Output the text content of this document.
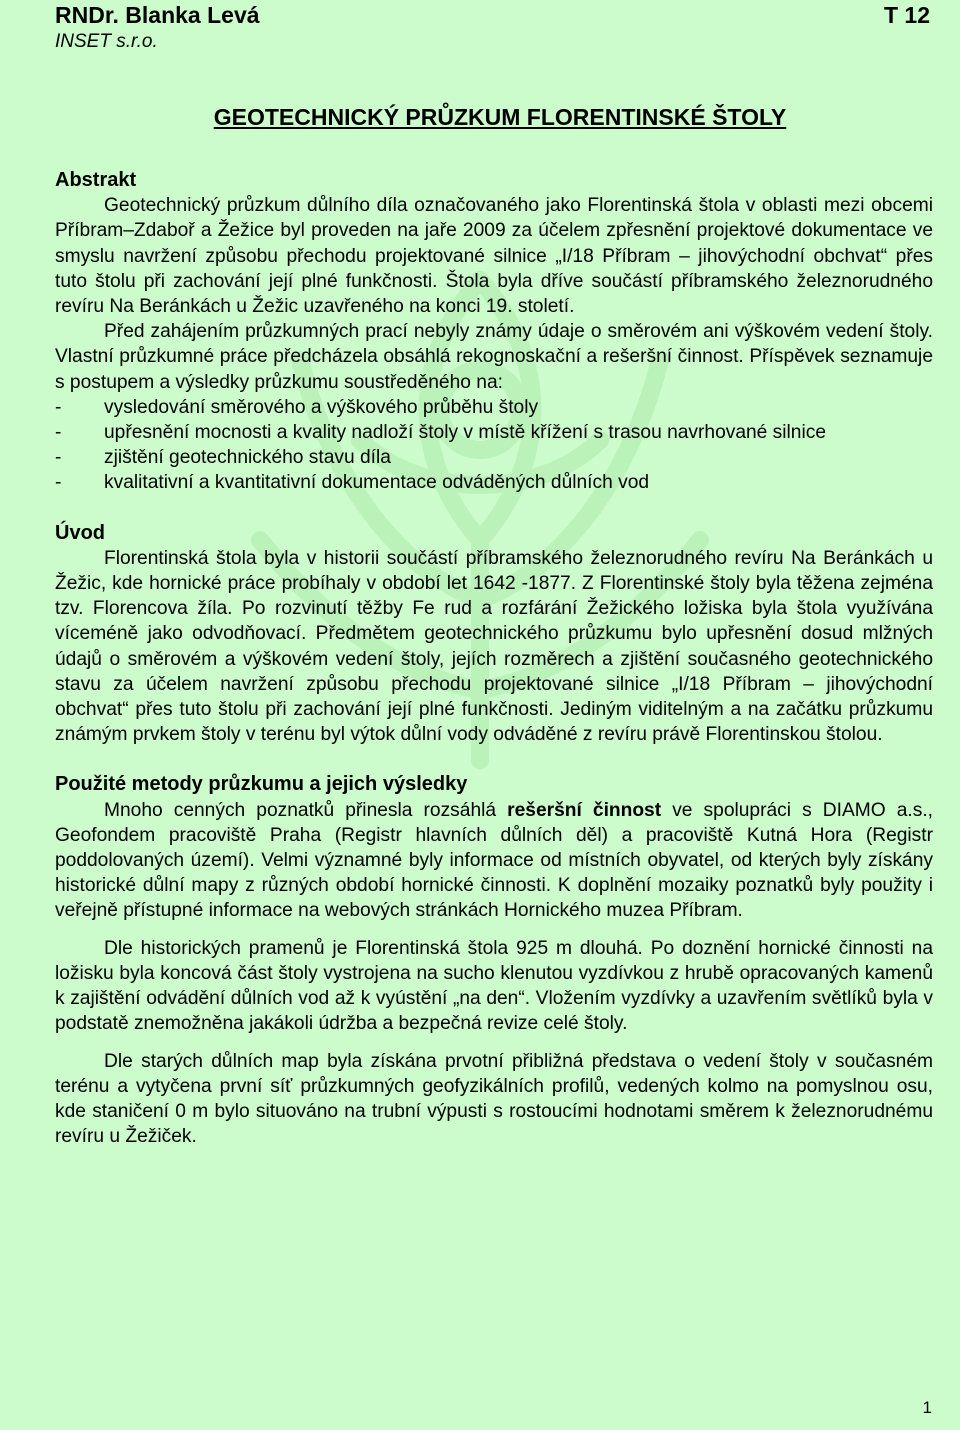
RNDr. Blanka Levá
INSET s.r.o.
T 12
GEOTECHNICKÝ PRŮZKUM FLORENTINSKÉ ŠTOLY
Abstrakt

Geotechnický průzkum důlního díla označovaného jako Florentinská štola v oblasti mezi obcemi Příbram–Zdaboř a Žežice byl proveden na jaře 2009 za účelem zpřesnění projektové dokumentace ve smyslu navržení způsobu přechodu projektované silnice „I/18 Příbram – jihovýchodní obchvat“ přes tuto štolu při zachování její plné funkčnosti. Štola byla dříve součástí příbramského železnorudného revíru Na Beránkách u Žežic uzavřeného na konci 19. století.

Před zahájením průzkumných prací nebyly známy údaje o směrovém ani výškovém vedení štoly. Vlastní průzkumné práce předcházela obsáhlá rekognoskační a rešeršní činnost. Příspěvek seznamuje s postupem a výsledky průzkumu soustředěného na:

-	vysledování směrového a výškového průběhu štoly
-	upřesnění mocnosti a kvality nadloží štoly v místě křížení s trasou navrhované silnice
-	zjištění geotechnického stavu díla
-	kvalitativní a kvantitativní dokumentace odváděných důlních vod
Úvod

Florentinská štola byla v historii součástí příbramského železnorudného revíru Na Beránkách u Žežic, kde hornické práce probíhaly v období let 1642 -1877. Z Florentinské štoly byla těžena zejména tzv. Florencova žíla. Po rozvinutí těžby Fe rud a rozfárání Žežického ložiska byla štola využívána víceméně jako odvodňovací. Předmětem geotechnického průzkumu bylo upřesnění dosud mlžných údajů o směrovém a výškovém vedení štoly, jejích rozměrech a zjištění současného geotechnického stavu za účelem navržení způsobu přechodu projektované silnice „I/18 Příbram – jihovýchodní obchvat“ přes tuto štolu při zachování její plné funkčnosti. Jediným viditelným a na začátku průzkumu známým prvkem štoly v terénu byl výtok důlní vody odváděné z revíru právě Florentinskou štolou.

Použité metody průzkumu a jejich výsledky

Mnoho cenných poznatků přinesla rozsáhlá rešeršní činnost ve spolupráci s DIAMO a.s., Geofondem pracoviště Praha (Registr hlavních důlních děl) a pracoviště Kutná Hora (Registr poddolovaných území). Velmi významné byly informace od místních obyvatel, od kterých byly získány historické důlní mapy z různých období hornické činnosti. K doplnění mozaiky poznatků byly použity i veřejně přístupné informace na webových stránkách Hornického muzea Příbram.

Dle historických pramenů je Florentinská štola 925 m dlouhá. Po doznění hornické činnosti na ložisku byla koncová část štoly vystrojena na sucho klenutou vyzdívkou z hrubě opracovaných kamenů k zajištění odvádění důlních vod až k vyústění „na den“. Vložením vyzdívky a uzavřením světlíků byla v podstatě znemožněna jakákoli údržba a bezpečná revize celé štoly.

Dle starých důlních map byla získána prvotní přibližná představa o vedení štoly v současném terénu a vytyčena první síť průzkumných geofyzikálních profilů, vedených kolmo na pomyslnou osu, kde staničení 0 m bylo situováno na trubní výpusti s rostoucími hodnotami směrem k železnorudnému revíru u Žežiček.

1
